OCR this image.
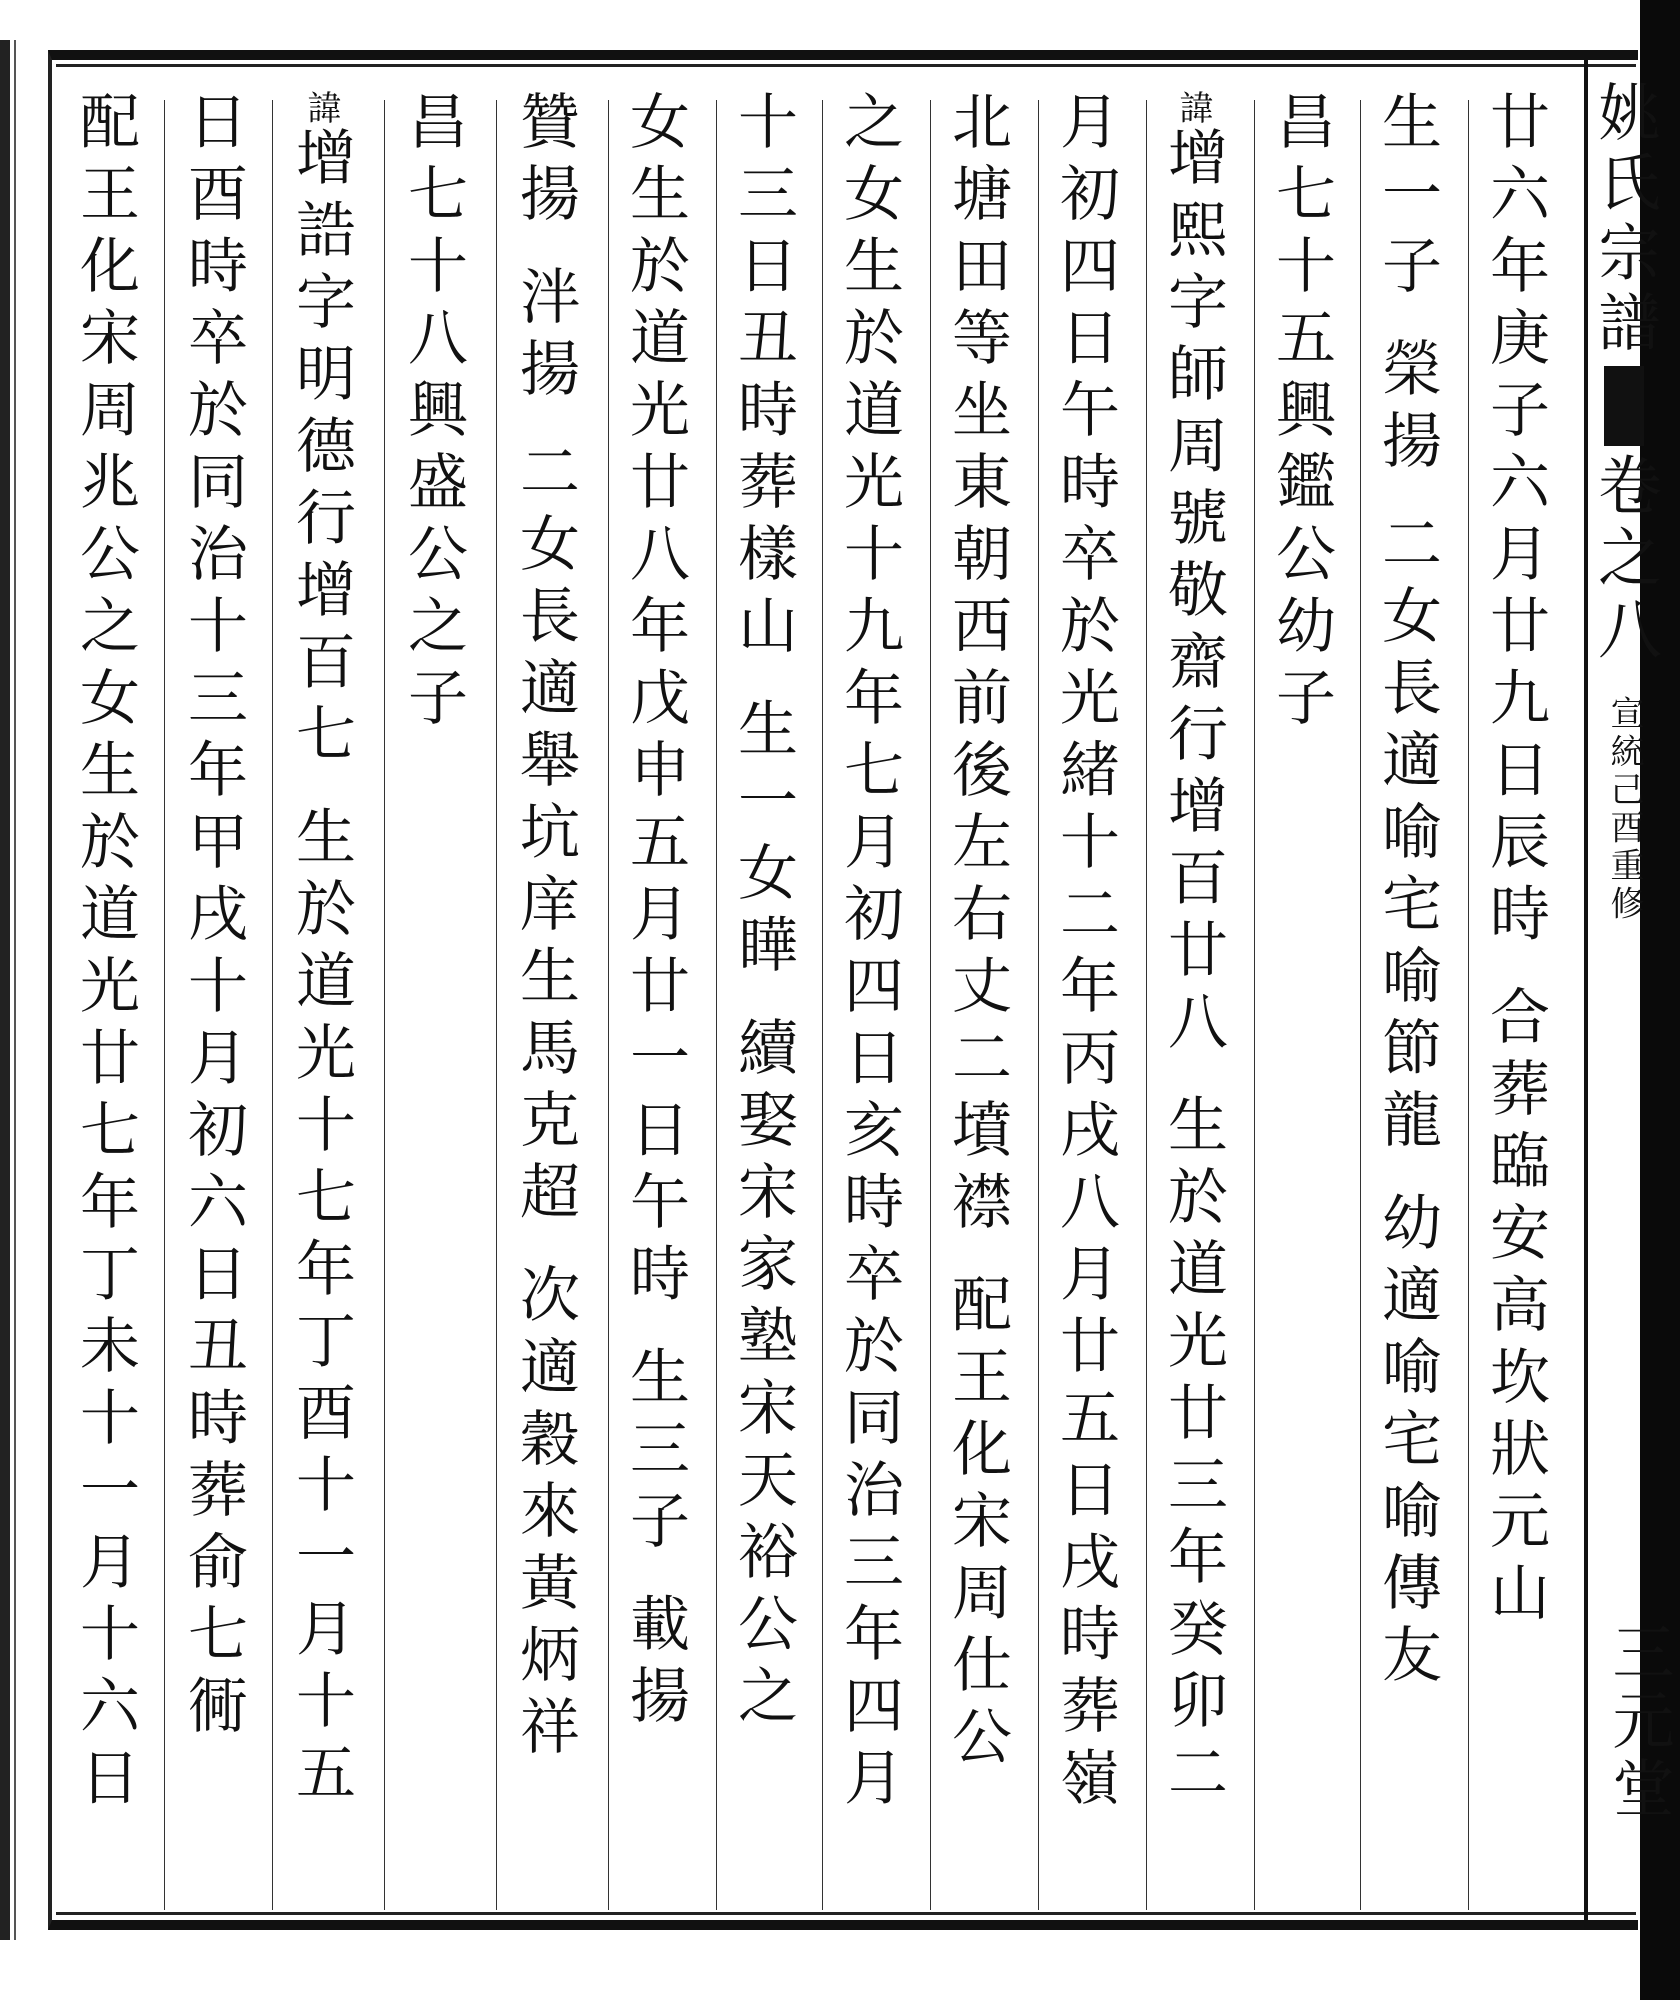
姚氏宗譜卷之八 宣統己酉重修
三元堂
廿六年庚子六月廿九日辰時 合葬臨安高坎狀元山
生一子 榮揚 二女長適喻宅喻節龍 幼適喻宅喻傳友
昌七十五興鑑公幼子
諱增熙字師周號敬齋行增百廿八 生於道光廿三年癸卯二
月初四日午時卒於光緒十二年丙戌八月廿五日戌時葬嶺
北塘田等坐東朝西前後左右丈二墳襟 配王化宋周仕公
之女生於道光十九年七月初四日亥時卒於同治三年四月
十三日丑時葬樣山 生一女瞱 續娶宋家塾宋天裕公之
女生於道光廿八年戊申五月廿一日午時 生三子 載揚
贊揚 泮揚 二女長適舉坑庠生馬克超 次適穀來黃炳祥
昌七十八興盛公之子
諱增誥字明德行增百七 生於道光十七年丁酉十一月十五
日酉時卒於同治十三年甲戌十月初六日丑時葬俞七衕
配王化宋周兆公之女生於道光廿七年丁未十一月十六日
